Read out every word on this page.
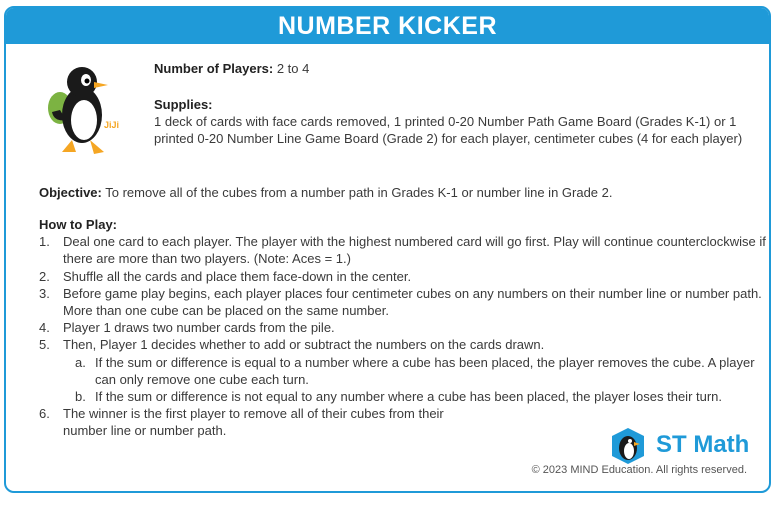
NUMBER KICKER
JiJi
Number of Players: 2 to 4
Supplies:
1 deck of cards with face cards removed, 1 printed 0-20 Number Path Game Board (Grades K-1) or 1 printed 0-20 Number Line Game Board (Grade 2) for each player, centimeter cubes (4 for each player)
Objective: To remove all of the cubes from a number path in Grades K-1 or number line in Grade 2.
How to Play:
1. Deal one card to each player. The player with the highest numbered card will go first. Play will continue counterclockwise if there are more than two players. (Note: Aces = 1.)
2. Shuffle all the cards and place them face-down in the center.
3. Before game play begins, each player places four centimeter cubes on any numbers on their number line or number path. More than one cube can be placed on the same number.
4. Player 1 draws two number cards from the pile.
5. Then, Player 1 decides whether to add or subtract the numbers on the cards drawn.
a. If the sum or difference is equal to a number where a cube has been placed, the player removes the cube. A player can only remove one cube each turn.
b. If the sum or difference is not equal to any number where a cube has been placed, the player loses their turn.
6. The winner is the first player to remove all of their cubes from their number line or number path.
ST Math
© 2023 MIND Education. All rights reserved.
